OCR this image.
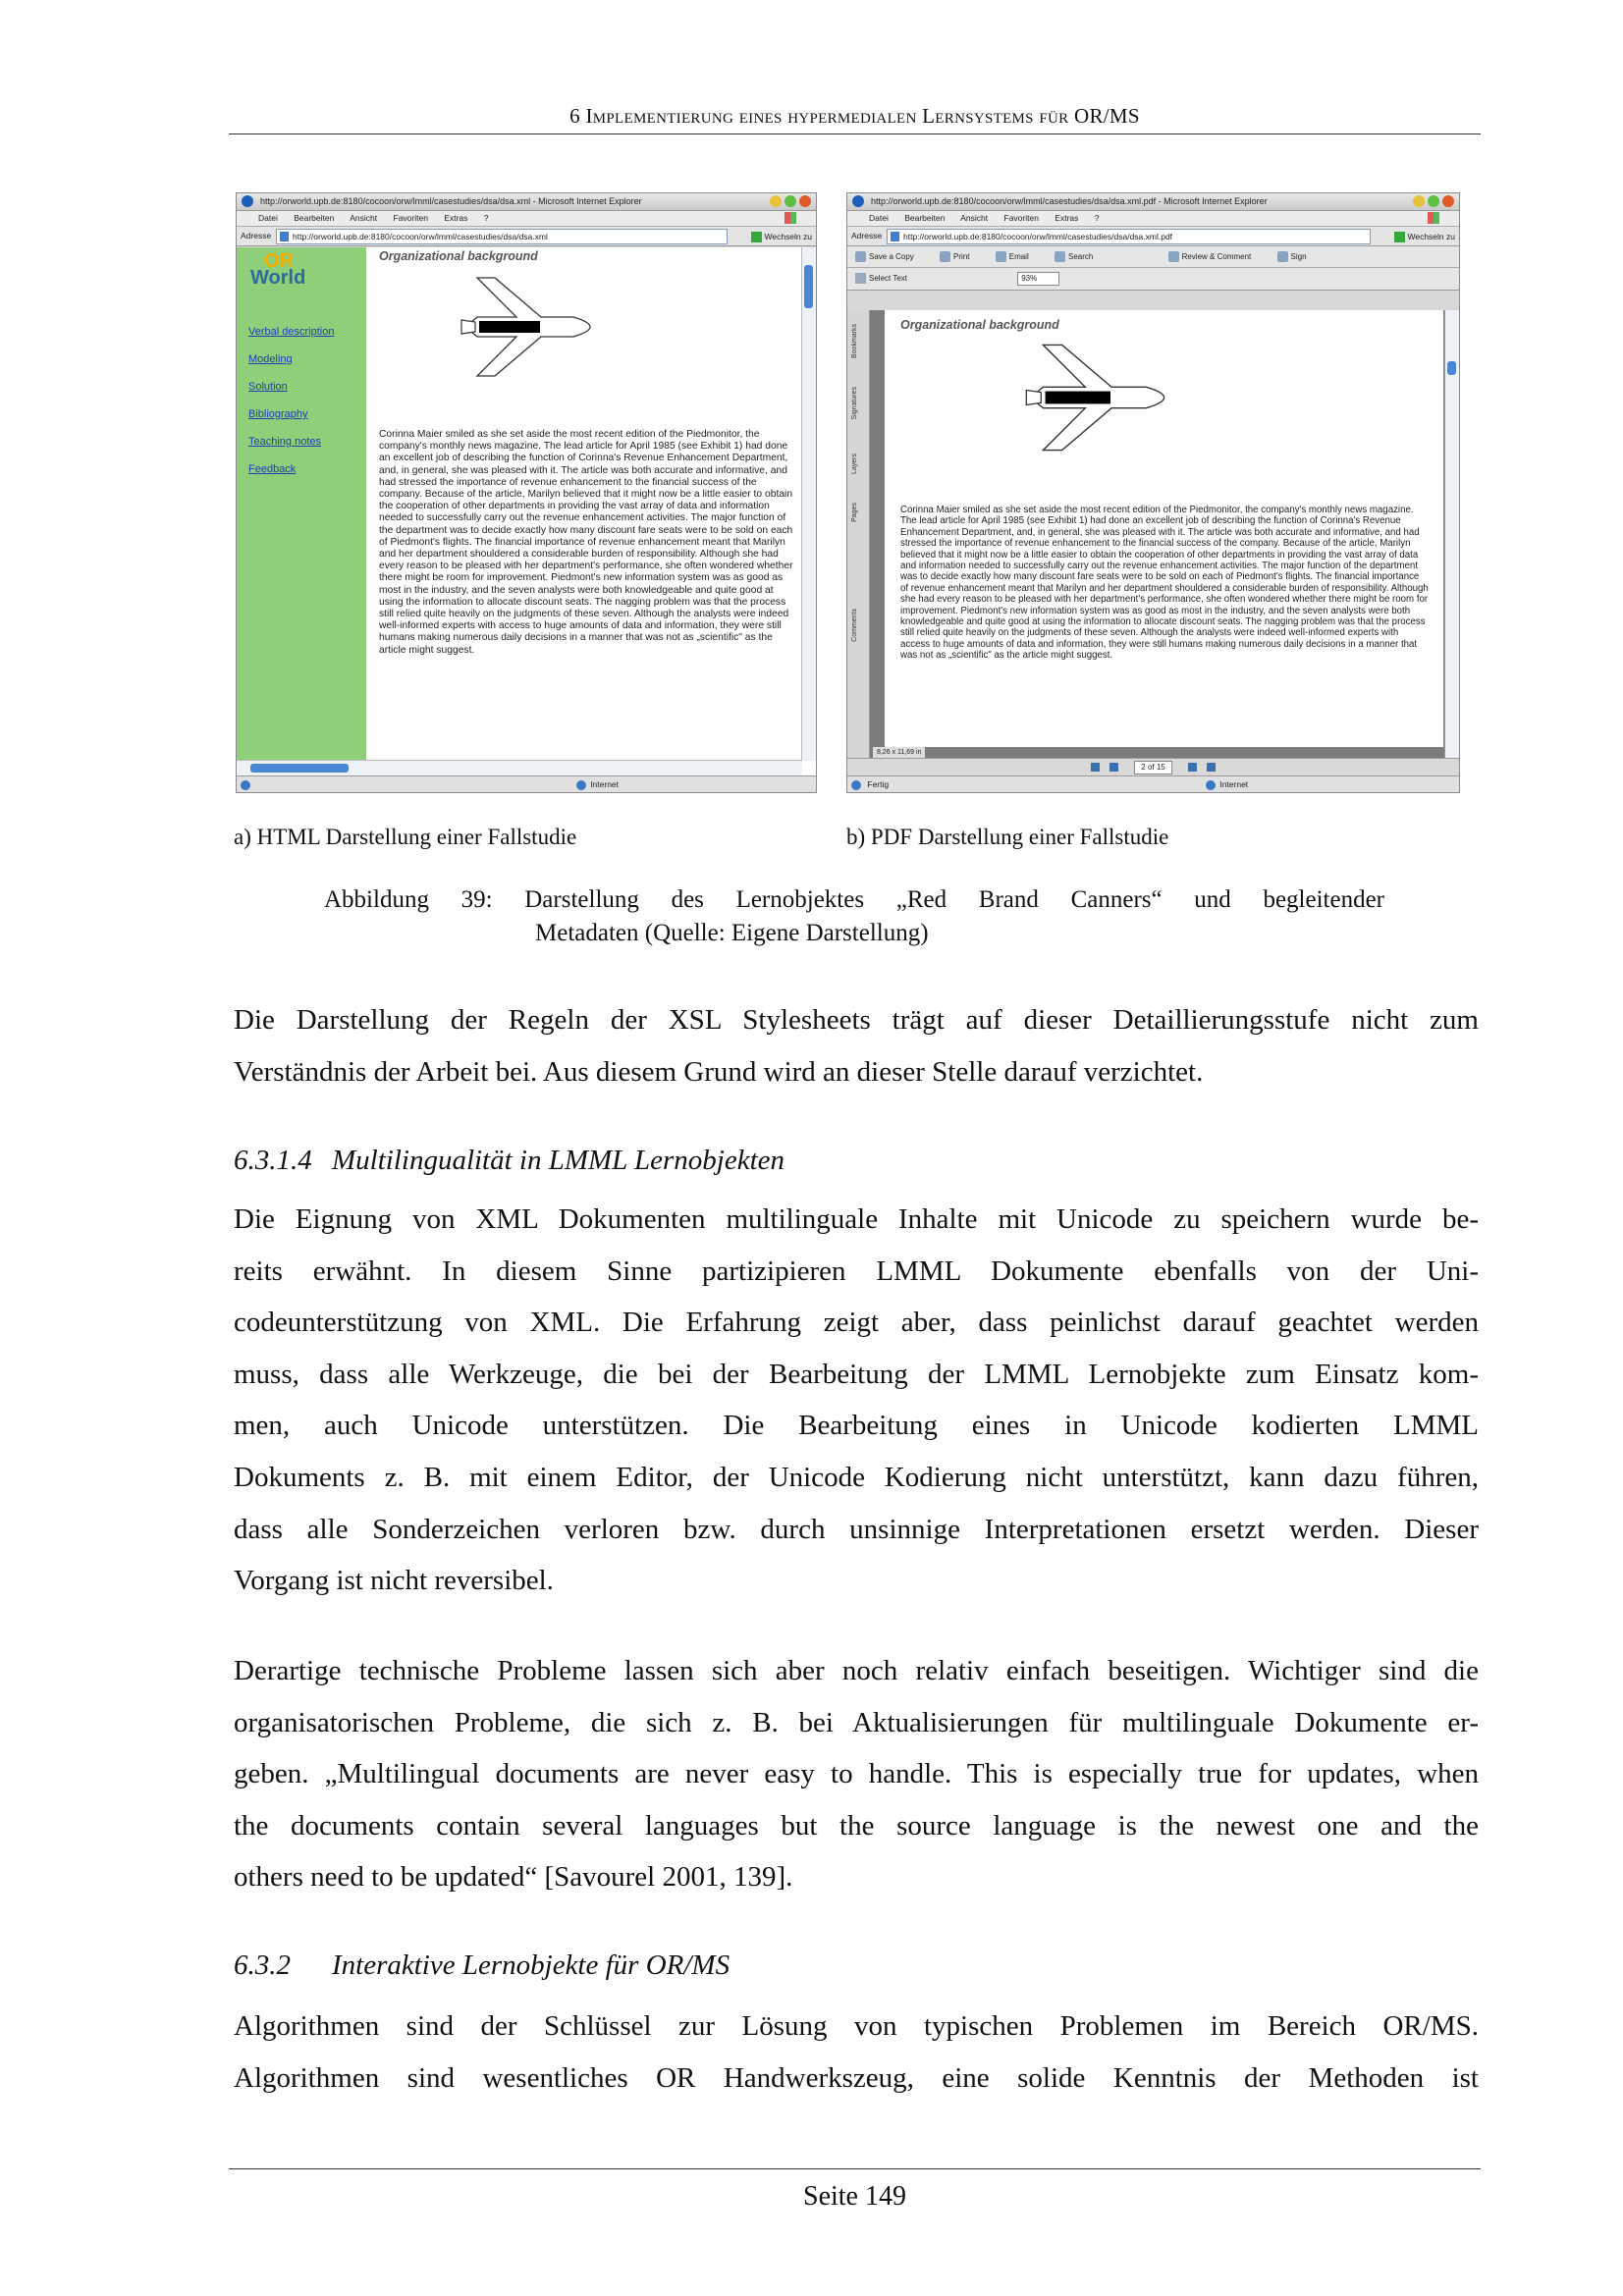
6 Implementierung eines hypermedialen Lernsystems für OR/MS
http://orworld.upb.de:8180/cocoon/orw/lmml/casestudies/dsa/dsa.xml - Microsoft Internet Explorer
Datei Bearbeiten Ansicht Favoriten Extras ?
Adresse	http://orworld.upb.de:8180/cocoon/orw/lmml/casestudies/dsa/dsa.xml	Wechseln zu
OR
World
Verbal description
Modeling
Solution
Bibliography
Teaching notes
Feedback
Organizational background
Corinna Maier smiled as she set aside the most recent edition of the Piedmonitor, the company's monthly news magazine. The lead article for April 1985 (see Exhibit 1) had done an excellent job of describing the function of Corinna's Revenue Enhancement Department, and, in general, she was pleased with it. The article was both accurate and informative, and had stressed the importance of revenue enhancement to the financial success of the company. Because of the article, Marilyn believed that it might now be a little easier to obtain the cooperation of other departments in providing the vast array of data and information needed to successfully carry out the revenue enhancement activities. The major function of the department was to decide exactly how many discount fare seats were to be sold on each of Piedmont's flights. The financial importance of revenue enhancement meant that Marilyn and her department shouldered a considerable burden of responsibility. Although she had every reason to be pleased with her department's performance, she often wondered whether there might be room for improvement. Piedmont's new information system was as good as most in the industry, and the seven analysts were both knowledgeable and quite good at using the information to allocate discount seats. The nagging problem was that the process still relied quite heavily on the judgments of these seven. Although the analysts were indeed well-informed experts with access to huge amounts of data and information, they were still humans making numerous daily decisions in a manner that was not as „scientific" as the article might suggest.
Internet
http://orworld.upb.de:8180/cocoon/orw/lmml/casestudies/dsa/dsa.xml.pdf - Microsoft Internet Explorer
Datei Bearbeiten Ansicht Favoriten Extras ?
Adresse	http://orworld.upb.de:8180/cocoon/orw/lmml/casestudies/dsa/dsa.xml.pdf	Wechseln zu
Save a Copy	Print	Email	Search	Review & Comment	Sign
Select Text	93%
Bookmarks
Signatures
Layers
Pages
Comments
Organizational background
Corinna Maier smiled as she set aside the most recent edition of the Piedmonitor, the company's monthly news magazine. The lead article for April 1985 (see Exhibit 1) had done an excellent job of describing the function of Corinna's Revenue Enhancement Department, and, in general, she was pleased with it. The article was both accurate and informative, and had stressed the importance of revenue enhancement to the financial success of the company. Because of the article, Marilyn believed that it might now be a little easier to obtain the cooperation of other departments in providing the vast array of data and information needed to successfully carry out the revenue enhancement activities. The major function of the department was to decide exactly how many discount fare seats were to be sold on each of Piedmont's flights. The financial importance of revenue enhancement meant that Marilyn and her department shouldered a considerable burden of responsibility. Although she had every reason to be pleased with her department's performance, she often wondered whether there might be room for improvement. Piedmont's new information system was as good as most in the industry, and the seven analysts were both knowledgeable and quite good at using the information to allocate discount seats. The nagging problem was that the process still relied quite heavily on the judgments of these seven. Although the analysts were indeed well-informed experts with access to huge amounts of data and information, they were still humans making numerous daily decisions in a manner that was not as „scientific" as the article might suggest.
8,26 x 11,69 in
2 of 15
Fertig	Internet
a) HTML Darstellung einer Fallstudie	b) PDF Darstellung einer Fallstudie
Abbildung 39: Darstellung des Lernobjektes „Red Brand Canners“ und begleitender
Metadaten (Quelle: Eigene Darstellung)
Die Darstellung der Regeln der XSL Stylesheets trägt auf dieser Detaillierungsstufe nicht zum
Verständnis der Arbeit bei. Aus diesem Grund wird an dieser Stelle darauf verzichtet.
6.3.1.4 Multilingualität in LMML Lernobjekten
Die Eignung von XML Dokumenten multilinguale Inhalte mit Unicode zu speichern wurde be-
reits erwähnt. In diesem Sinne partizipieren LMML Dokumente ebenfalls von der Uni-
codeunterstützung von XML. Die Erfahrung zeigt aber, dass peinlichst darauf geachtet werden
muss, dass alle Werkzeuge, die bei der Bearbeitung der LMML Lernobjekte zum Einsatz kom-
men, auch Unicode unterstützen. Die Bearbeitung eines in Unicode kodierten LMML
Dokuments z. B. mit einem Editor, der Unicode Kodierung nicht unterstützt, kann dazu führen,
dass alle Sonderzeichen verloren bzw. durch unsinnige Interpretationen ersetzt werden. Dieser
Vorgang ist nicht reversibel.
Derartige technische Probleme lassen sich aber noch relativ einfach beseitigen. Wichtiger sind die
organisatorischen Probleme, die sich z. B. bei Aktualisierungen für multilinguale Dokumente er-
geben. „Multilingual documents are never easy to handle. This is especially true for updates, when
the documents contain several languages but the source language is the newest one and the
others need to be updated“ [Savourel 2001, 139].
6.3.2 Interaktive Lernobjekte für OR/MS
Algorithmen sind der Schlüssel zur Lösung von typischen Problemen im Bereich OR/MS.
Algorithmen sind wesentliches OR Handwerkszeug, eine solide Kenntnis der Methoden ist
Seite 149
